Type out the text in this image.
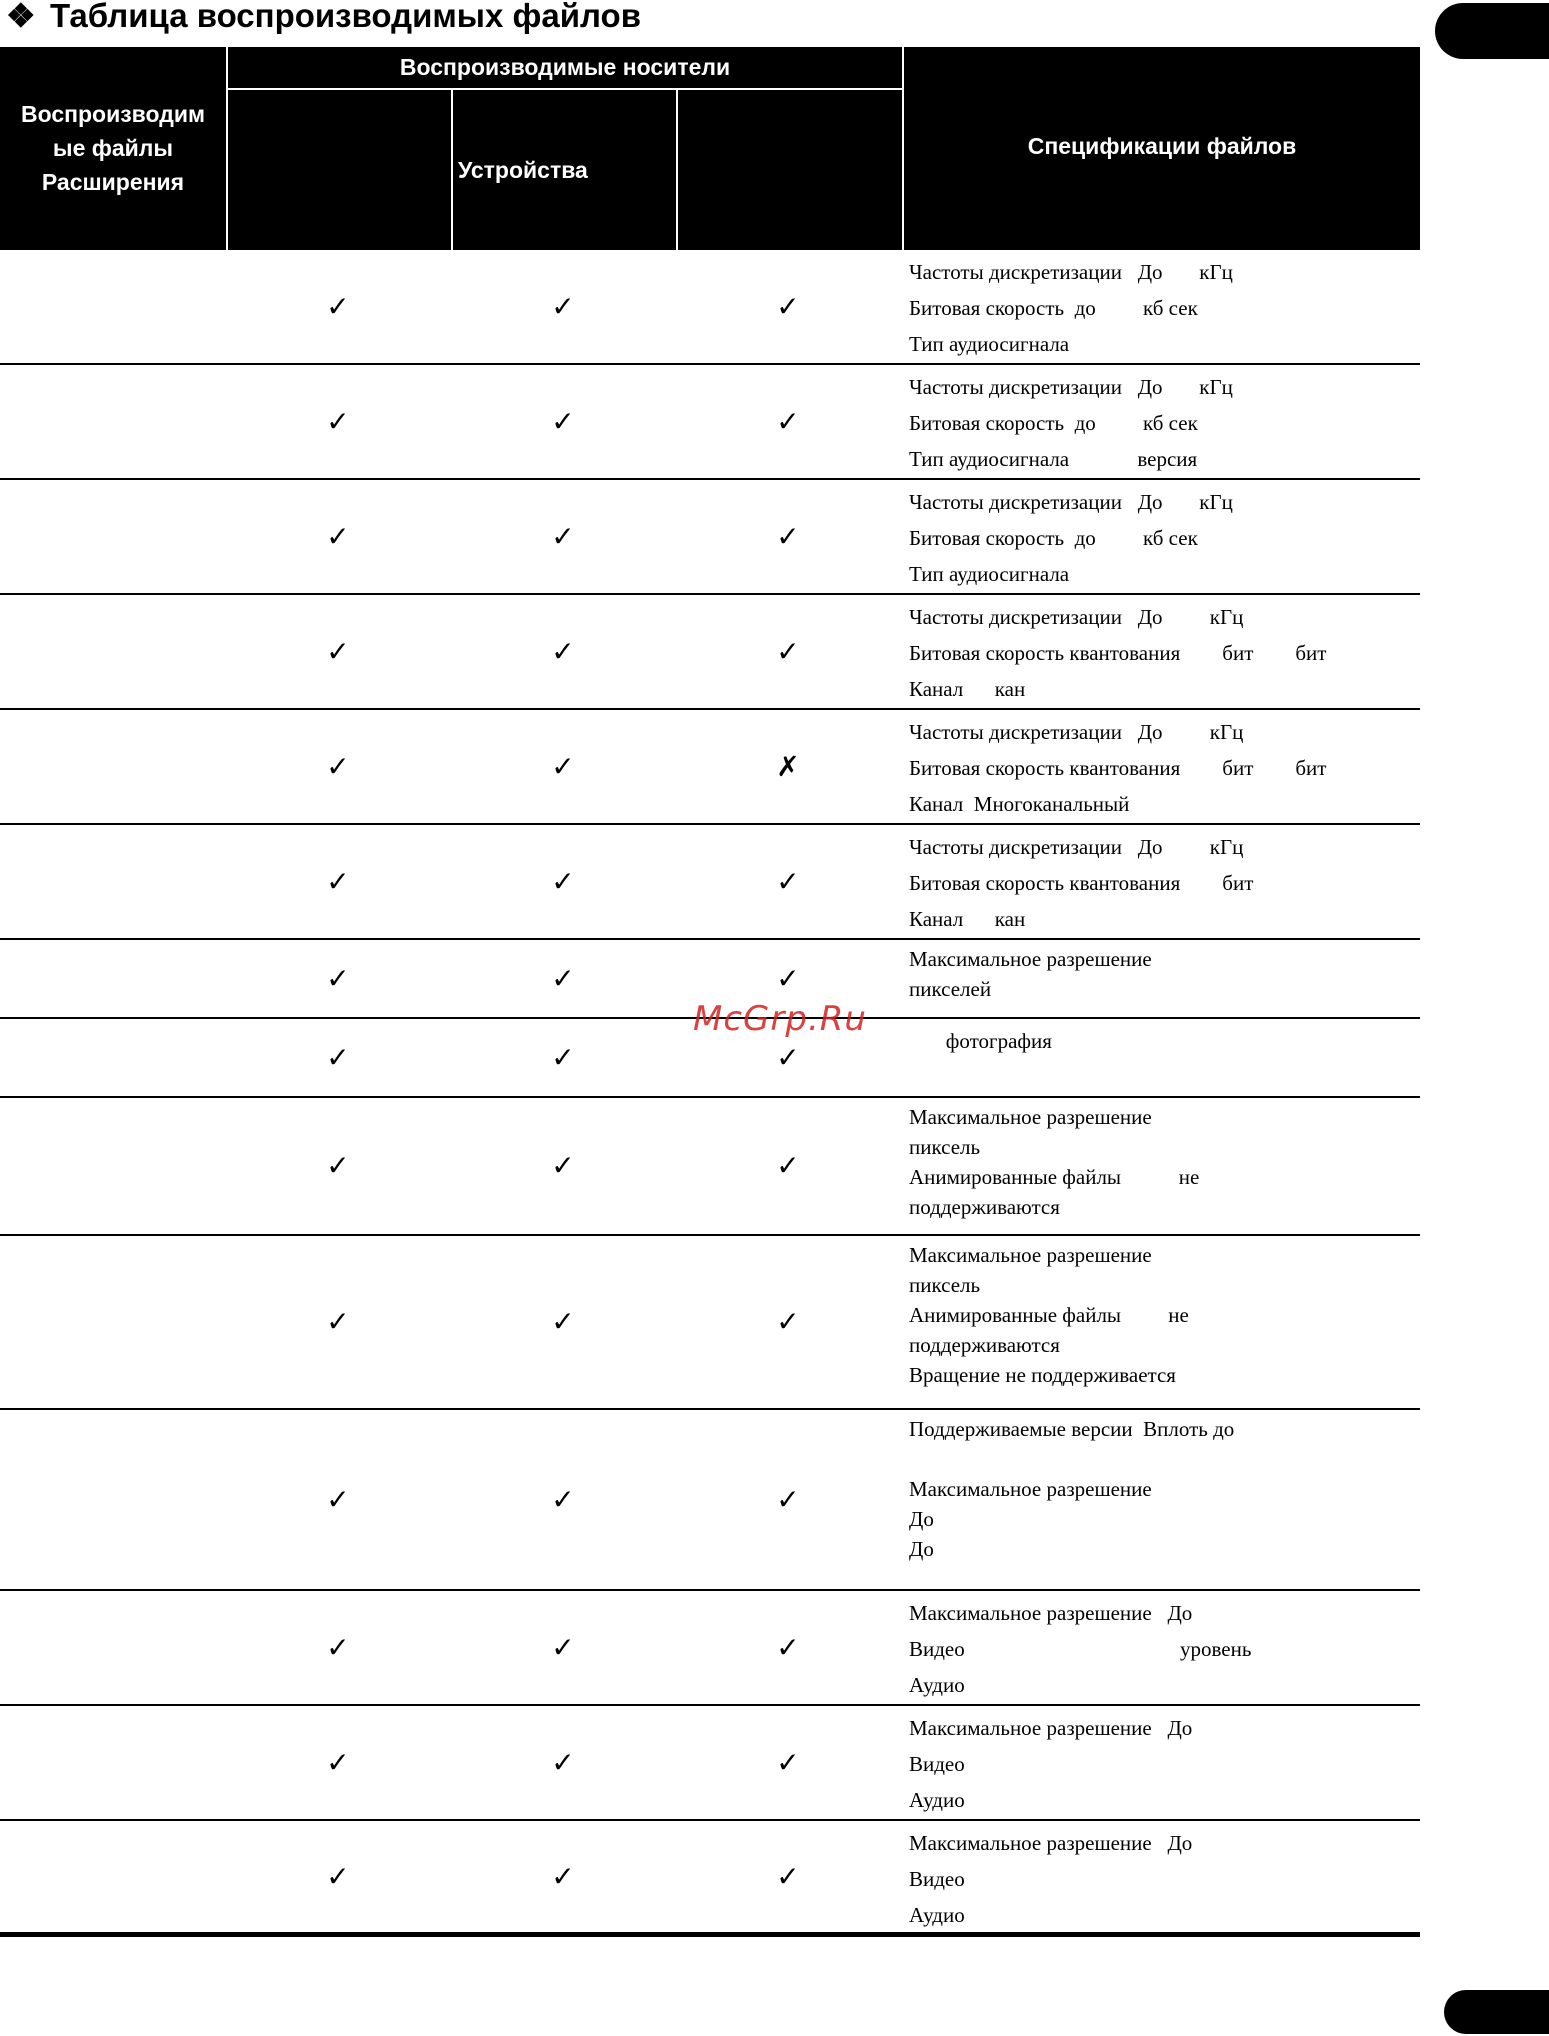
❖ Таблица воспроизводимых файлов
Воспроизводим
ые файлы
Расширения
Воспроизводимые носители
Устройства
Спецификации файлов
✓	✓	✓
Частоты дискретизации   До       кГц
Битовая скорость  до         кб сек
Тип аудиосигнала
✓	✓	✓
Частоты дискретизации   До       кГц
Битовая скорость  до         кб сек
Тип аудиосигнала             версия
✓	✓	✓
Частоты дискретизации   До       кГц
Битовая скорость  до         кб сек
Тип аудиосигнала
✓	✓	✓
Частоты дискретизации   До         кГц
Битовая скорость квантования        бит        бит
Канал      кан
✓	✓	✗
Частоты дискретизации   До         кГц
Битовая скорость квантования        бит        бит
Канал  Многоканальный
✓	✓	✓
Частоты дискретизации   До         кГц
Битовая скорость квантования        бит
Канал      кан
✓	✓	✓
Максимальное разрешение
пикселей
✓	✓	✓	фотография
✓	✓	✓
Максимальное разрешение
пиксель
Анимированные файлы           не
поддерживаются
✓	✓	✓
Максимальное разрешение
пиксель
Анимированные файлы         не
поддерживаются
Вращение не поддерживается
✓	✓	✓
Поддерживаемые версии  Вплоть до

Максимальное разрешение
До
До
✓	✓	✓
Максимальное разрешение   До
Видео                                         уровень
Аудио
✓	✓	✓
Максимальное разрешение   До
Видео
Аудио
✓	✓	✓
Максимальное разрешение   До
Видео
Аудио
McGrp.Ru
